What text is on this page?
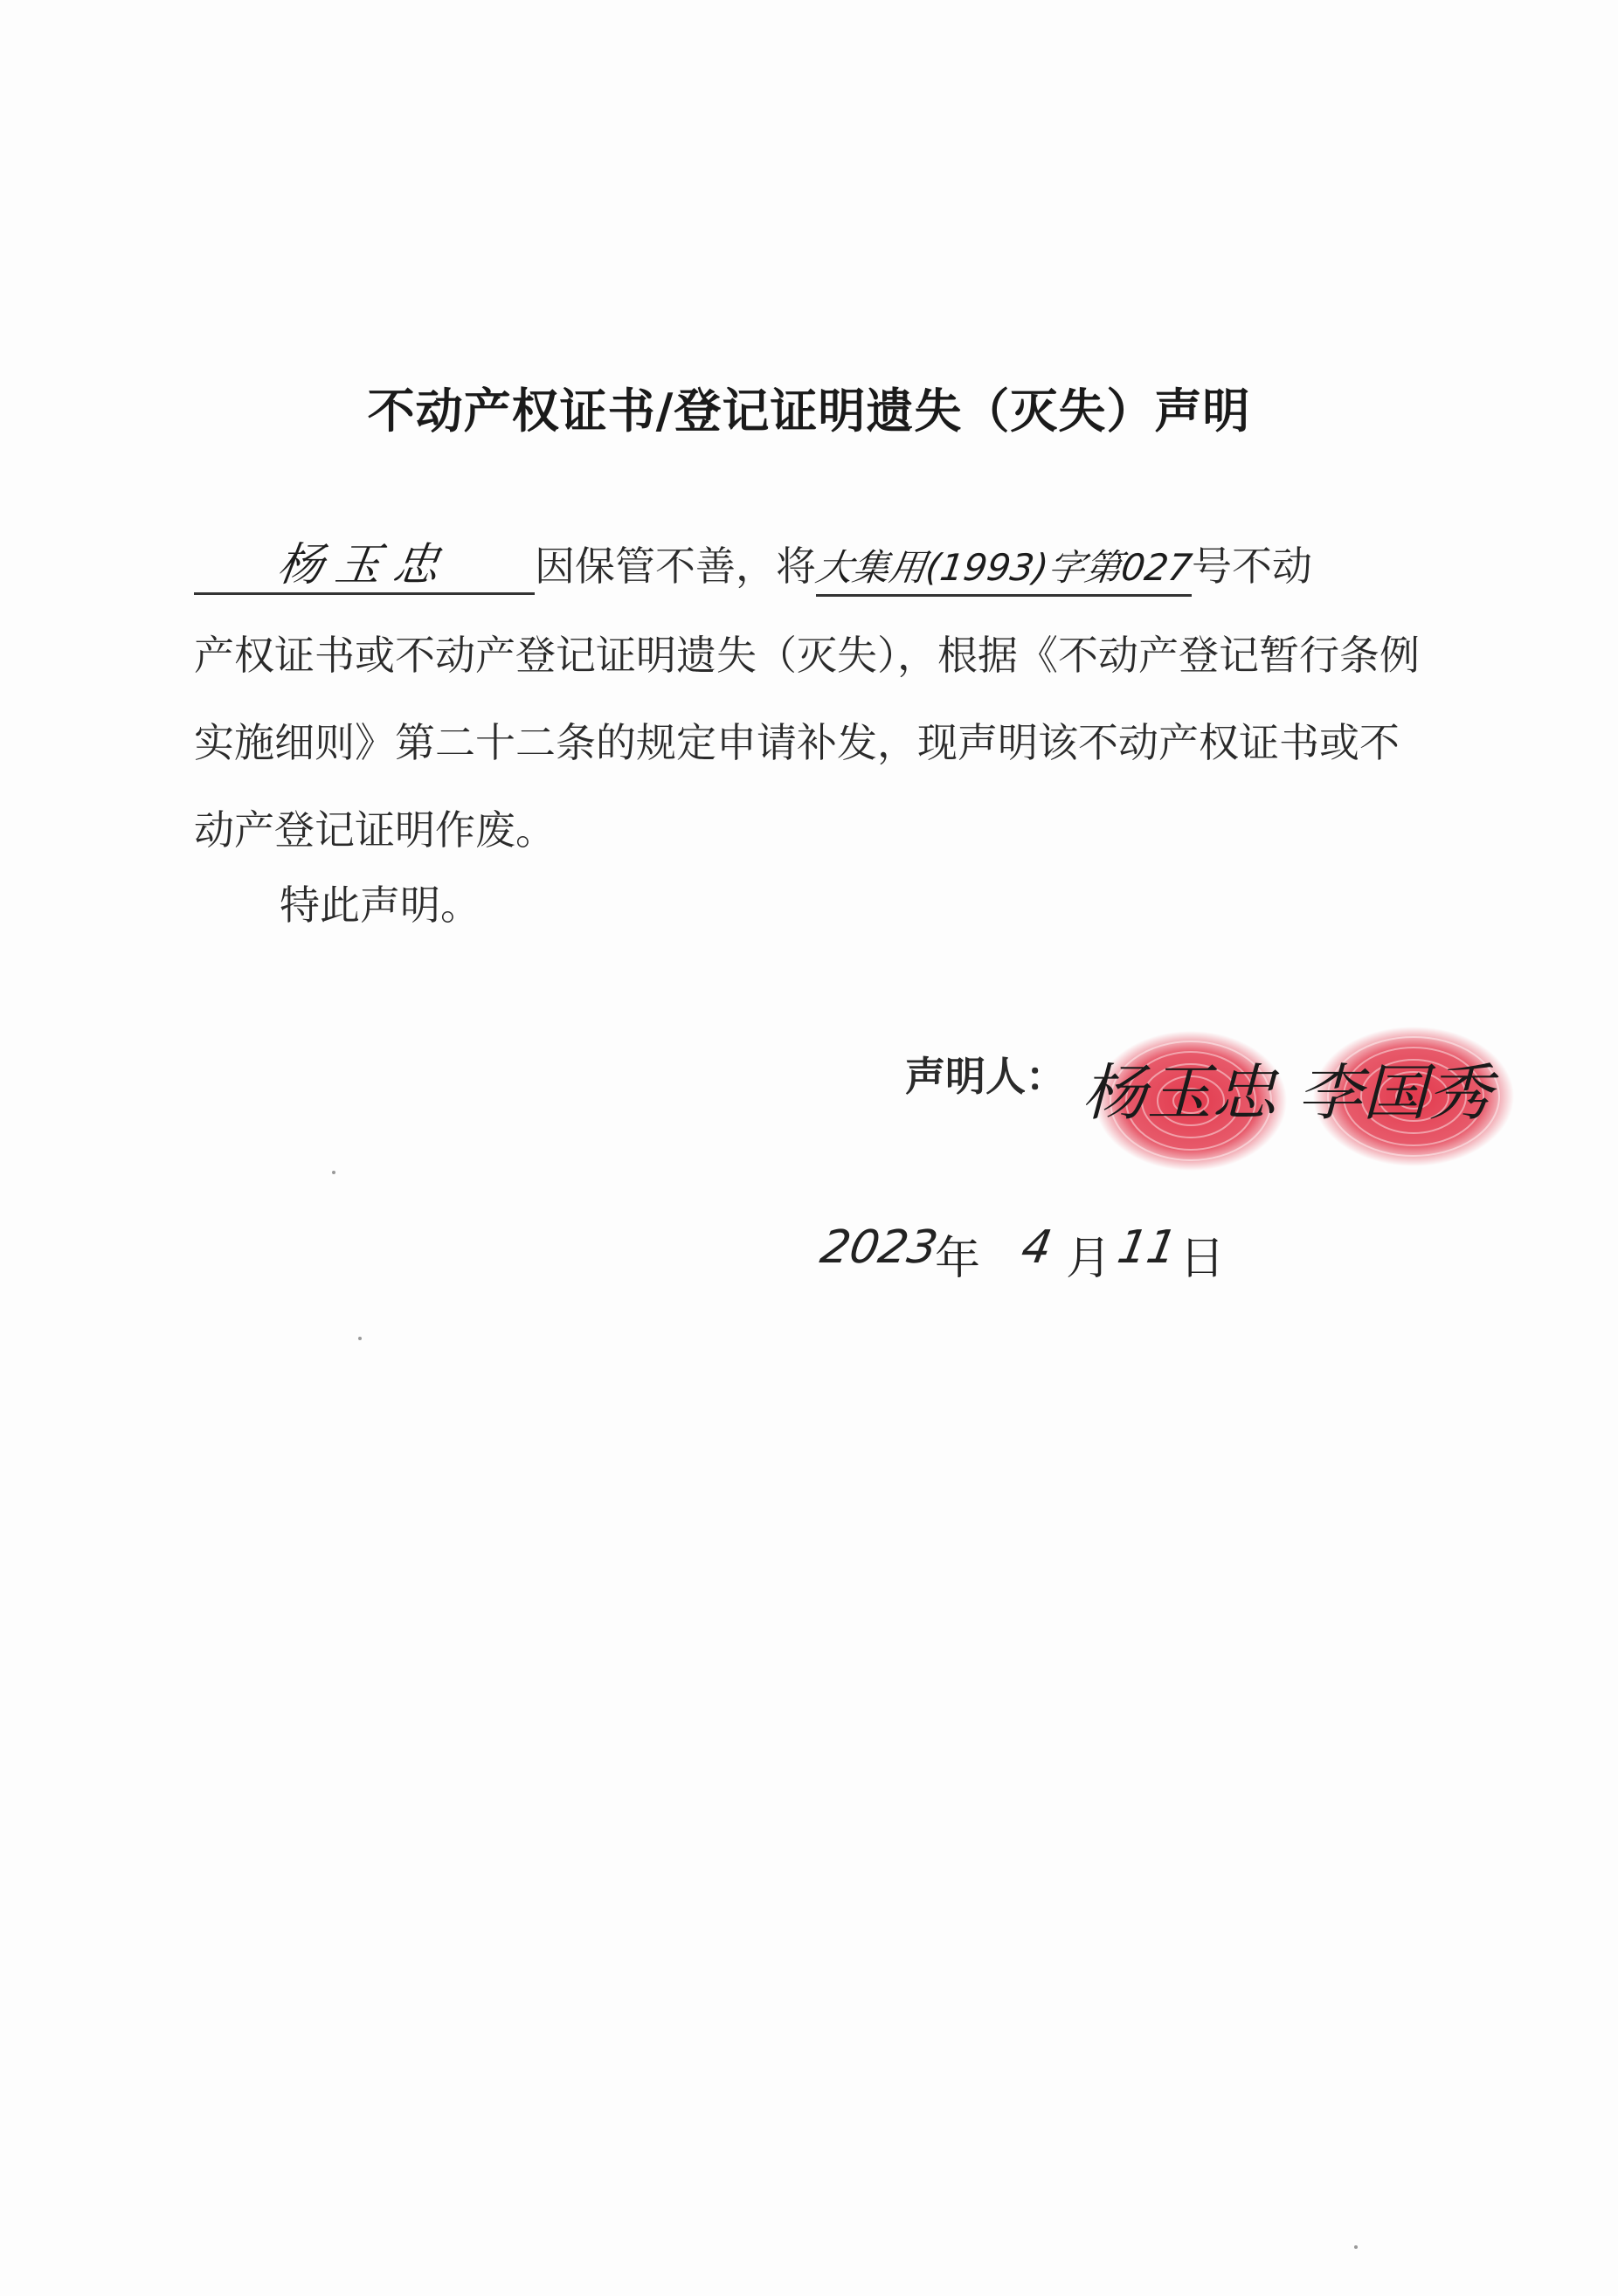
不动产权证书/登记证明遗失（灭失）声明
杨玉忠 因保管不善，将大集用(1993)字第027号不动
产权证书或不动产登记证明遗失（灭失），根据《不动产登记暂行条例实施细则》第二十二条的规定申请补发，现声明该不动产权证书或不动产登记证明作废。
特此声明。
声明人： 杨玉忠 李国秀
2023
年 4 月 11
日
